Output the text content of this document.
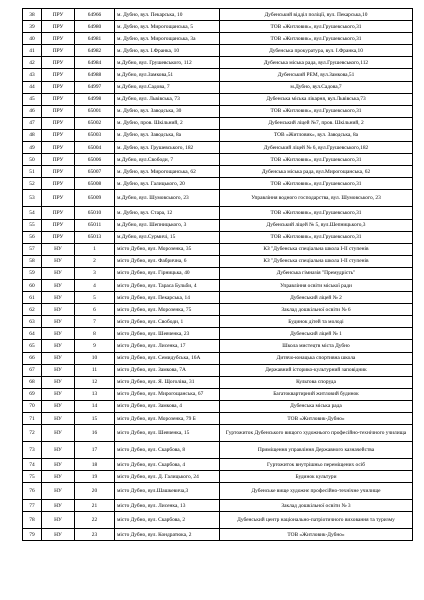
38	ПРУ	64966	м. Дубно, вул. Пекарська, 10	Дубенський відділ поліції, вул. Пекарська,10
39	ПРУ	64980	м. Дубно, вул. Мирогощанська, 5	ТОВ «Житловик», вул.Грушевського,31
40	ПРУ	64981	м. Дубно, вул. Мирогощанська, 3а	ТОВ «Житловик», вул.Грушевського,31
41	ПРУ	64982	м. Дубно, вул. І.Франка, 10	Дубенська прокуратура, вул. І.Франка,10
42	ПРУ	64984	м.Дубно, вул. Грушевського, 112	Дубенська міська рада, вул.Грушевського,112
43	ПРУ	64988	м.Дубно, вул.Замкова,51	Дубенський РЕМ, вул.Замкова,51
44	ПРУ	64997	м.Дубно, вул.Садова, 7	м.Дубно, вул.Садова,7
45	ПРУ	64998	м.Дубно, вул. Львівська, 73	Дубенська міська лікарня, вул.Львівська,73
46	ПРУ	65001	м. Дубно, вул. Заводська, 30	ТОВ «Житловик», вул.Грушевського,31
47	ПРУ	65002	м. Дубно, пров. Шкільний, 2	Дубенський ліцей №7, пров. Шкільний, 2
48	ПРУ	65003	м. Дубно, вул. Заводська, 8а	ТОВ «Житловик», вул. Заводська, 8а
49	ПРУ	65004	м. Дубно, вул. Грушевського, 182	Дубенський ліцей № 6, вул.Грушевського,182
50	ПРУ	65006	м.Дубно, вул.Свободи, 7	ТОВ «Житловик», вул.Грушевського,31
51	ПРУ	65007	м. Дубно, вул. Мирогощанська, 62	Дубенська міська рада, вул.Мирогощанська, 62
52	ПРУ	65008	м. Дубно, вул. Галицького, 20	ТОВ «Житловик», вул.Грушевського,31
53	ПРУ	65009	м.Дубно, вул. Шумовського, 23	Управління водного господарства, вул. Шумовського, 23
54	ПРУ	65010	м. Дубно, вул. Стара, 12	ТОВ «Житловик», вул.Грушевського,31
55	ПРУ	65011	м.Дубно, вул. Шепницького, 3	Дубенський ліцей № 5, вул.Шепницького,3
56	ПРУ	65013	м.Дубно, вул.Сурмичі, 15	ТОВ «Житловик», вул.Грушевського,31
57	НУ	1	місто Дубно, вул. Морозенка, 35	КЗ "Дубенська спеціальна школа I-II ступенів
58	НУ	2	місто Дубно, вул. Фабрична, 6	КЗ "Дубенська спеціальна школа I-II ступенів
59	НУ	3	місто Дубно, вул. Гірницька, 40	Дубенська гімназія "Премудрість"
60	НУ	4	місто Дубно, вул. Тараса Бульби, 4	Управління освіти міської ради
61	НУ	5	місто Дубно, вул. Пекарська, 14	Дубенський ліцей № 2
62	НУ	6	місто Дубно, вул. Морозенка, 75	Заклад дошкільної освіти № 6
63	НУ	7	місто Дубно, вул. Свободи, 1	Будинок дітей та молоді
64	НУ	8	місто Дубно, вул. Шевченка, 23	Дубенський ліцей № 1
65	НУ	9	місто Дубно, вул. Лисенка, 17	Школа мистецтв міста Дубно
66	НУ	10	місто Дубно, вул. Семидубська, 16А	Дитячо-юнацька спортивна школа
67	НУ	11	місто Дубно, вул. Замкова, 7А	Державний історико-культурний заповідник
68	НУ	12	місто Дубно, вул. Я. Щоголіва, 31	Культова споруда
69	НУ	13	місто Дубно, вул. Мирогощанська, 67	Багатоквартирний житловий будинок
70	НУ	14	місто Дубно, вул. Замкова, 4	Дубенська міська рада
71	НУ	15	місто Дубно, вул. Морозенка, 79 Б	ТОВ «Житловик-Дубно»
72	НУ	16	місто Дубно, вул. Шевченка, 15	Гуртожиток Дубенського вищого художнього професійно-технічного училища
73	НУ	17	місто Дубно, вул. Скарбова, 8	Приміщення управління Державного казначейства
74	НУ	18	місто Дубно, вул. Скарбова, 4	Гуртожиток внутрішньо переміщених осіб
75	НУ	19	місто Дубно, вул. Д. Галицького, 24	Будинок культури
76	НУ	20	місто Дубно, вул.Шашкевича,3	Дубенське вище художнє професійно-технічне училище
77	НУ	21	місто Дубно, вул. Лисенка, 13	Заклад дошкільної освіти № 3
78	НУ	22	місто Дубно, вул. Скарбова, 2	Дубенський центр національно-патріотичного виховання та туризму
79	НУ	23	місто Дубно, вул. Кондратюка, 2	ТОВ «Житловик-Дубно»
